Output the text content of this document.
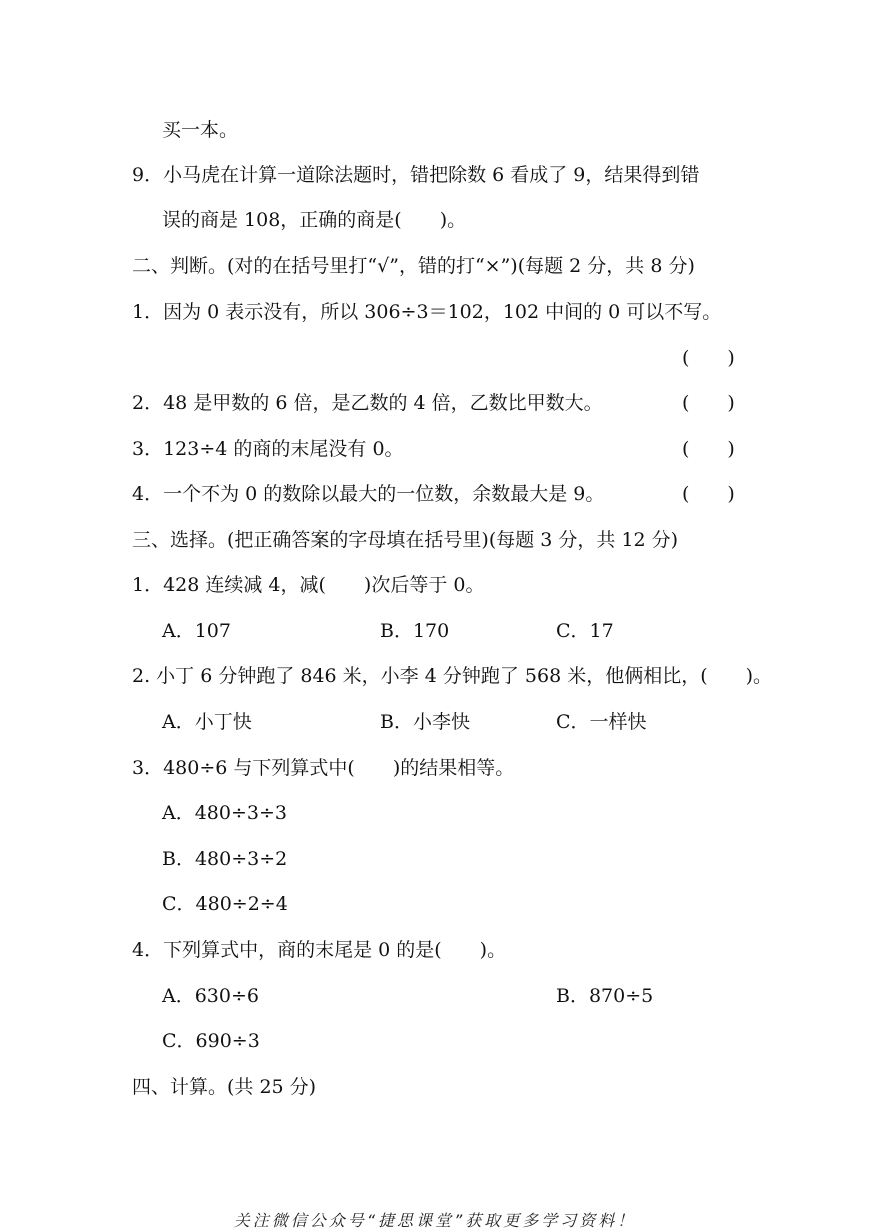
买一本。
9．小马虎在计算一道除法题时，错把除数 6 看成了 9，结果得到错
误的商是 108，正确的商是(　　)。
二、判断。(对的在括号里打“√”，错的打“×”)(每题 2 分，共 8 分)
1．因为 0 表示没有，所以 306÷3＝102，102 中间的 0 可以不写。
(　　)
2．48 是甲数的 6 倍，是乙数的 4 倍，乙数比甲数大。	(　　)
3．123÷4 的商的末尾没有 0。	(　　)
4．一个不为 0 的数除以最大的一位数，余数最大是 9。	(　　)
三、选择。(把正确答案的字母填在括号里)(每题 3 分，共 12 分)
1．428 连续减 4，减(　　)次后等于 0。
A．107	B．170	C．17
2. 小丁 6 分钟跑了 846 米，小李 4 分钟跑了 568 米，他俩相比，(　　)。
A．小丁快	B．小李快	C．一样快
3．480÷6 与下列算式中(　　)的结果相等。
A．480÷3÷3
B．480÷3÷2
C．480÷2÷4
4．下列算式中，商的末尾是 0 的是(　　)。
A．630÷6	B．870÷5
C．690÷3
四、计算。(共 25 分)
关注微信公众号“捷思课堂”获取更多学习资料！
